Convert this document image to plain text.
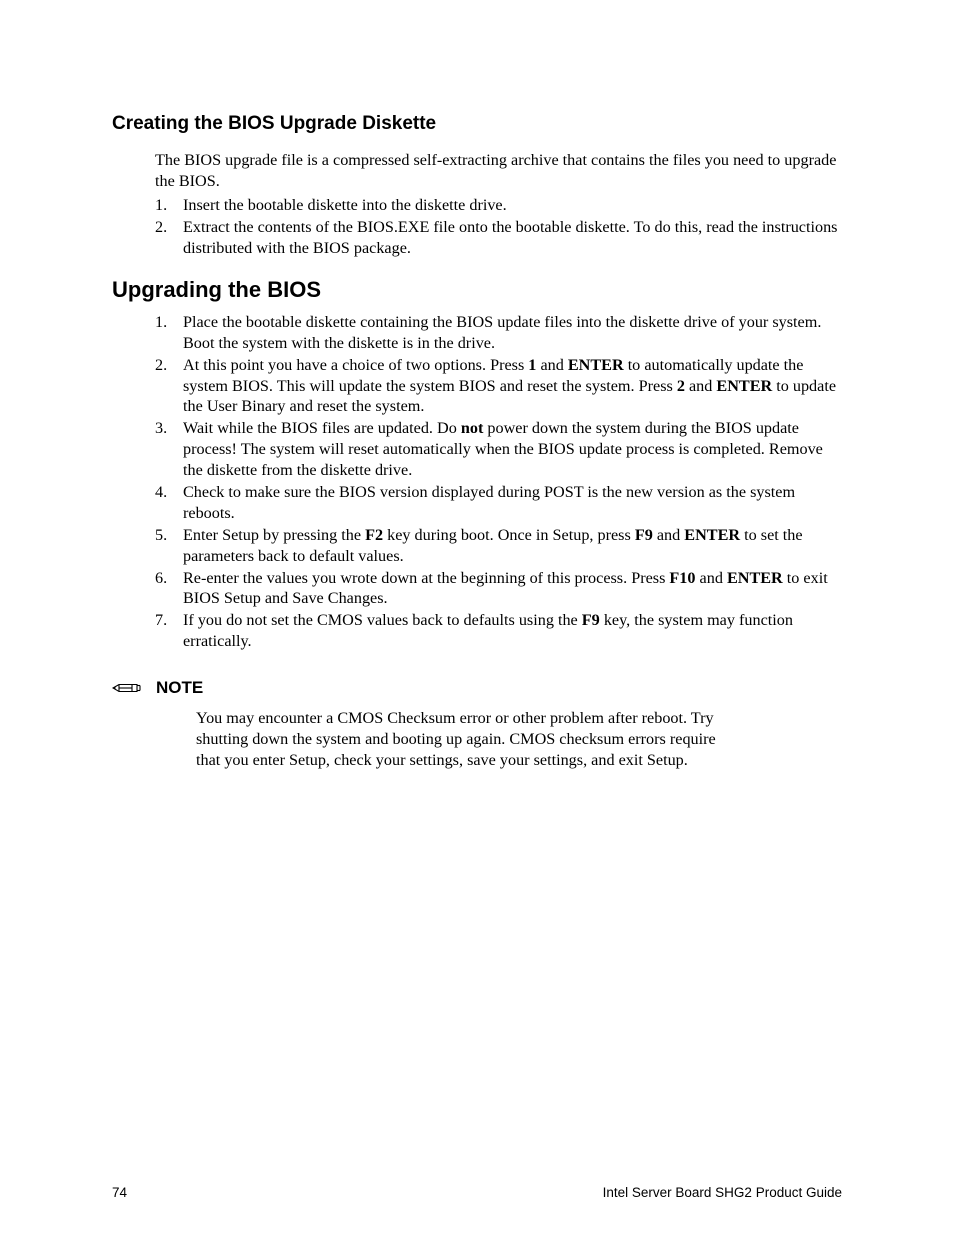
Creating the BIOS Upgrade Diskette

The BIOS upgrade file is a compressed self-extracting archive that contains the files you need to upgrade the BIOS.

1. Insert the bootable diskette into the diskette drive.
2. Extract the contents of the BIOS.EXE file onto the bootable diskette. To do this, read the instructions distributed with the BIOS package.
Upgrading the BIOS
1. Place the bootable diskette containing the BIOS update files into the diskette drive of your system. Boot the system with the diskette is in the drive.
2. At this point you have a choice of two options. Press 1 and ENTER to automatically update the system BIOS. This will update the system BIOS and reset the system. Press 2 and ENTER to update the User Binary and reset the system.
3. Wait while the BIOS files are updated. Do not power down the system during the BIOS update process! The system will reset automatically when the BIOS update process is completed. Remove the diskette from the diskette drive.
4. Check to make sure the BIOS version displayed during POST is the new version as the system reboots.
5. Enter Setup by pressing the F2 key during boot. Once in Setup, press F9 and ENTER to set the parameters back to default values.
6. Re-enter the values you wrote down at the beginning of this process. Press F10 and ENTER to exit BIOS Setup and Save Changes.
7. If you do not set the CMOS values back to defaults using the F9 key, the system may function erratically.
NOTE

You may encounter a CMOS Checksum error or other problem after reboot. Try shutting down the system and booting up again. CMOS checksum errors require that you enter Setup, check your settings, save your settings, and exit Setup.

74	Intel Server Board SHG2 Product Guide
